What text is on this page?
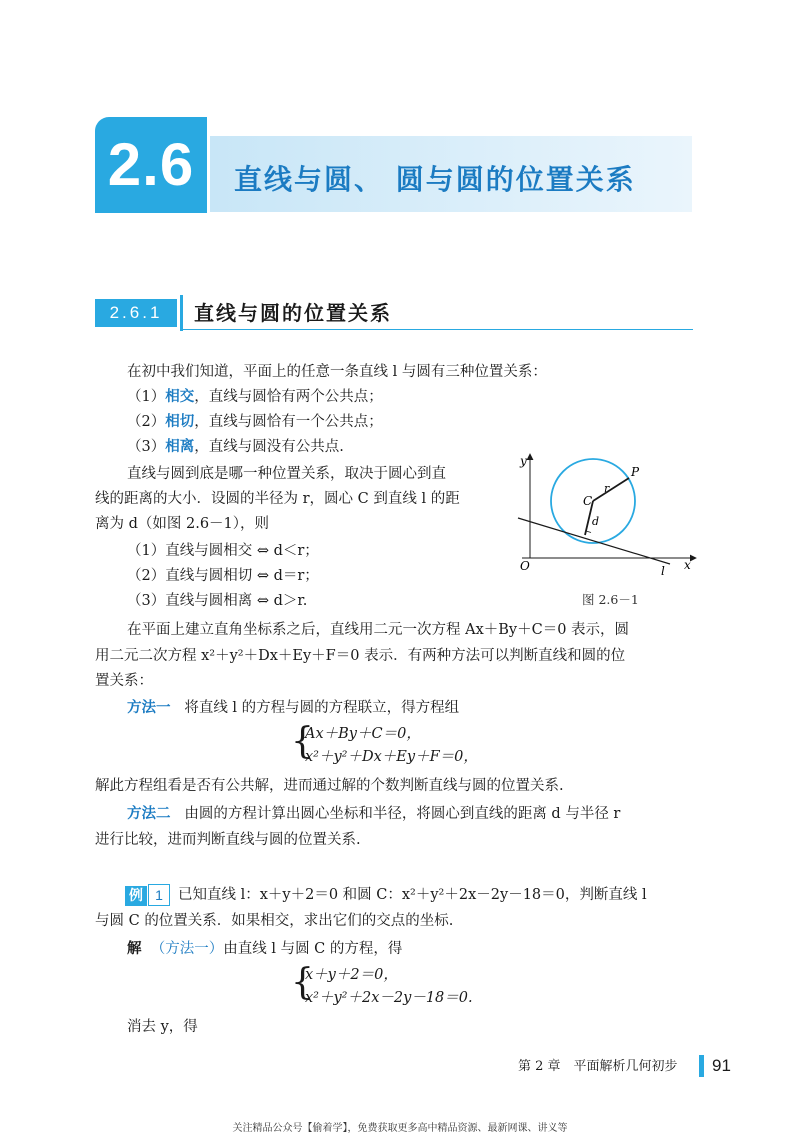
2.6	直线与圆、 圆与圆的位置关系
2.6.1	直线与圆的位置关系
在初中我们知道，平面上的任意一条直线 l 与圆有三种位置关系：
（1）相交，直线与圆恰有两个公共点；
（2）相切，直线与圆恰有一个公共点；
（3）相离，直线与圆没有公共点.
直线与圆到底是哪一种位置关系，取决于圆心到直
线的距离的大小．设圆的半径为 r，圆心 C 到直线 l 的距
离为 d（如图 2.6－1），则
（1）直线与圆相交 ⇔ d＜r；
（2）直线与圆相切 ⇔ d＝r；
（3）直线与圆相离 ⇔ d＞r.
y
x
O
C
r
d
P
l
图 2.6－1
在平面上建立直角坐标系之后，直线用二元一次方程 Ax＋By＋C＝0 表示，圆
用二元二次方程 x²＋y²＋Dx＋Ey＋F＝0 表示．有两种方法可以判断直线和圆的位
置关系：
方法一 将直线 l 的方程与圆的方程联立，得方程组
{
Ax＋By＋C＝0，
x²＋y²＋Dx＋Ey＋F＝0，
解此方程组看是否有公共解，进而通过解的个数判断直线与圆的位置关系.
方法二 由圆的方程计算出圆心坐标和半径，将圆心到直线的距离 d 与半径 r
进行比较，进而判断直线与圆的位置关系.
例 1	已知直线 l：x＋y＋2＝0 和圆 C：x²＋y²＋2x－2y－18＝0，判断直线 l
与圆 C 的位置关系．如果相交，求出它们的交点的坐标.
解 （方法一）由直线 l 与圆 C 的方程，得
{
x＋y＋2＝0，
x²＋y²＋2x－2y－18＝0.
消去 y，得
第 2 章　平面解析几何初步 91
关注精品公众号【偷着学】，免费获取更多高中精品资源、最新网课、讲义等
